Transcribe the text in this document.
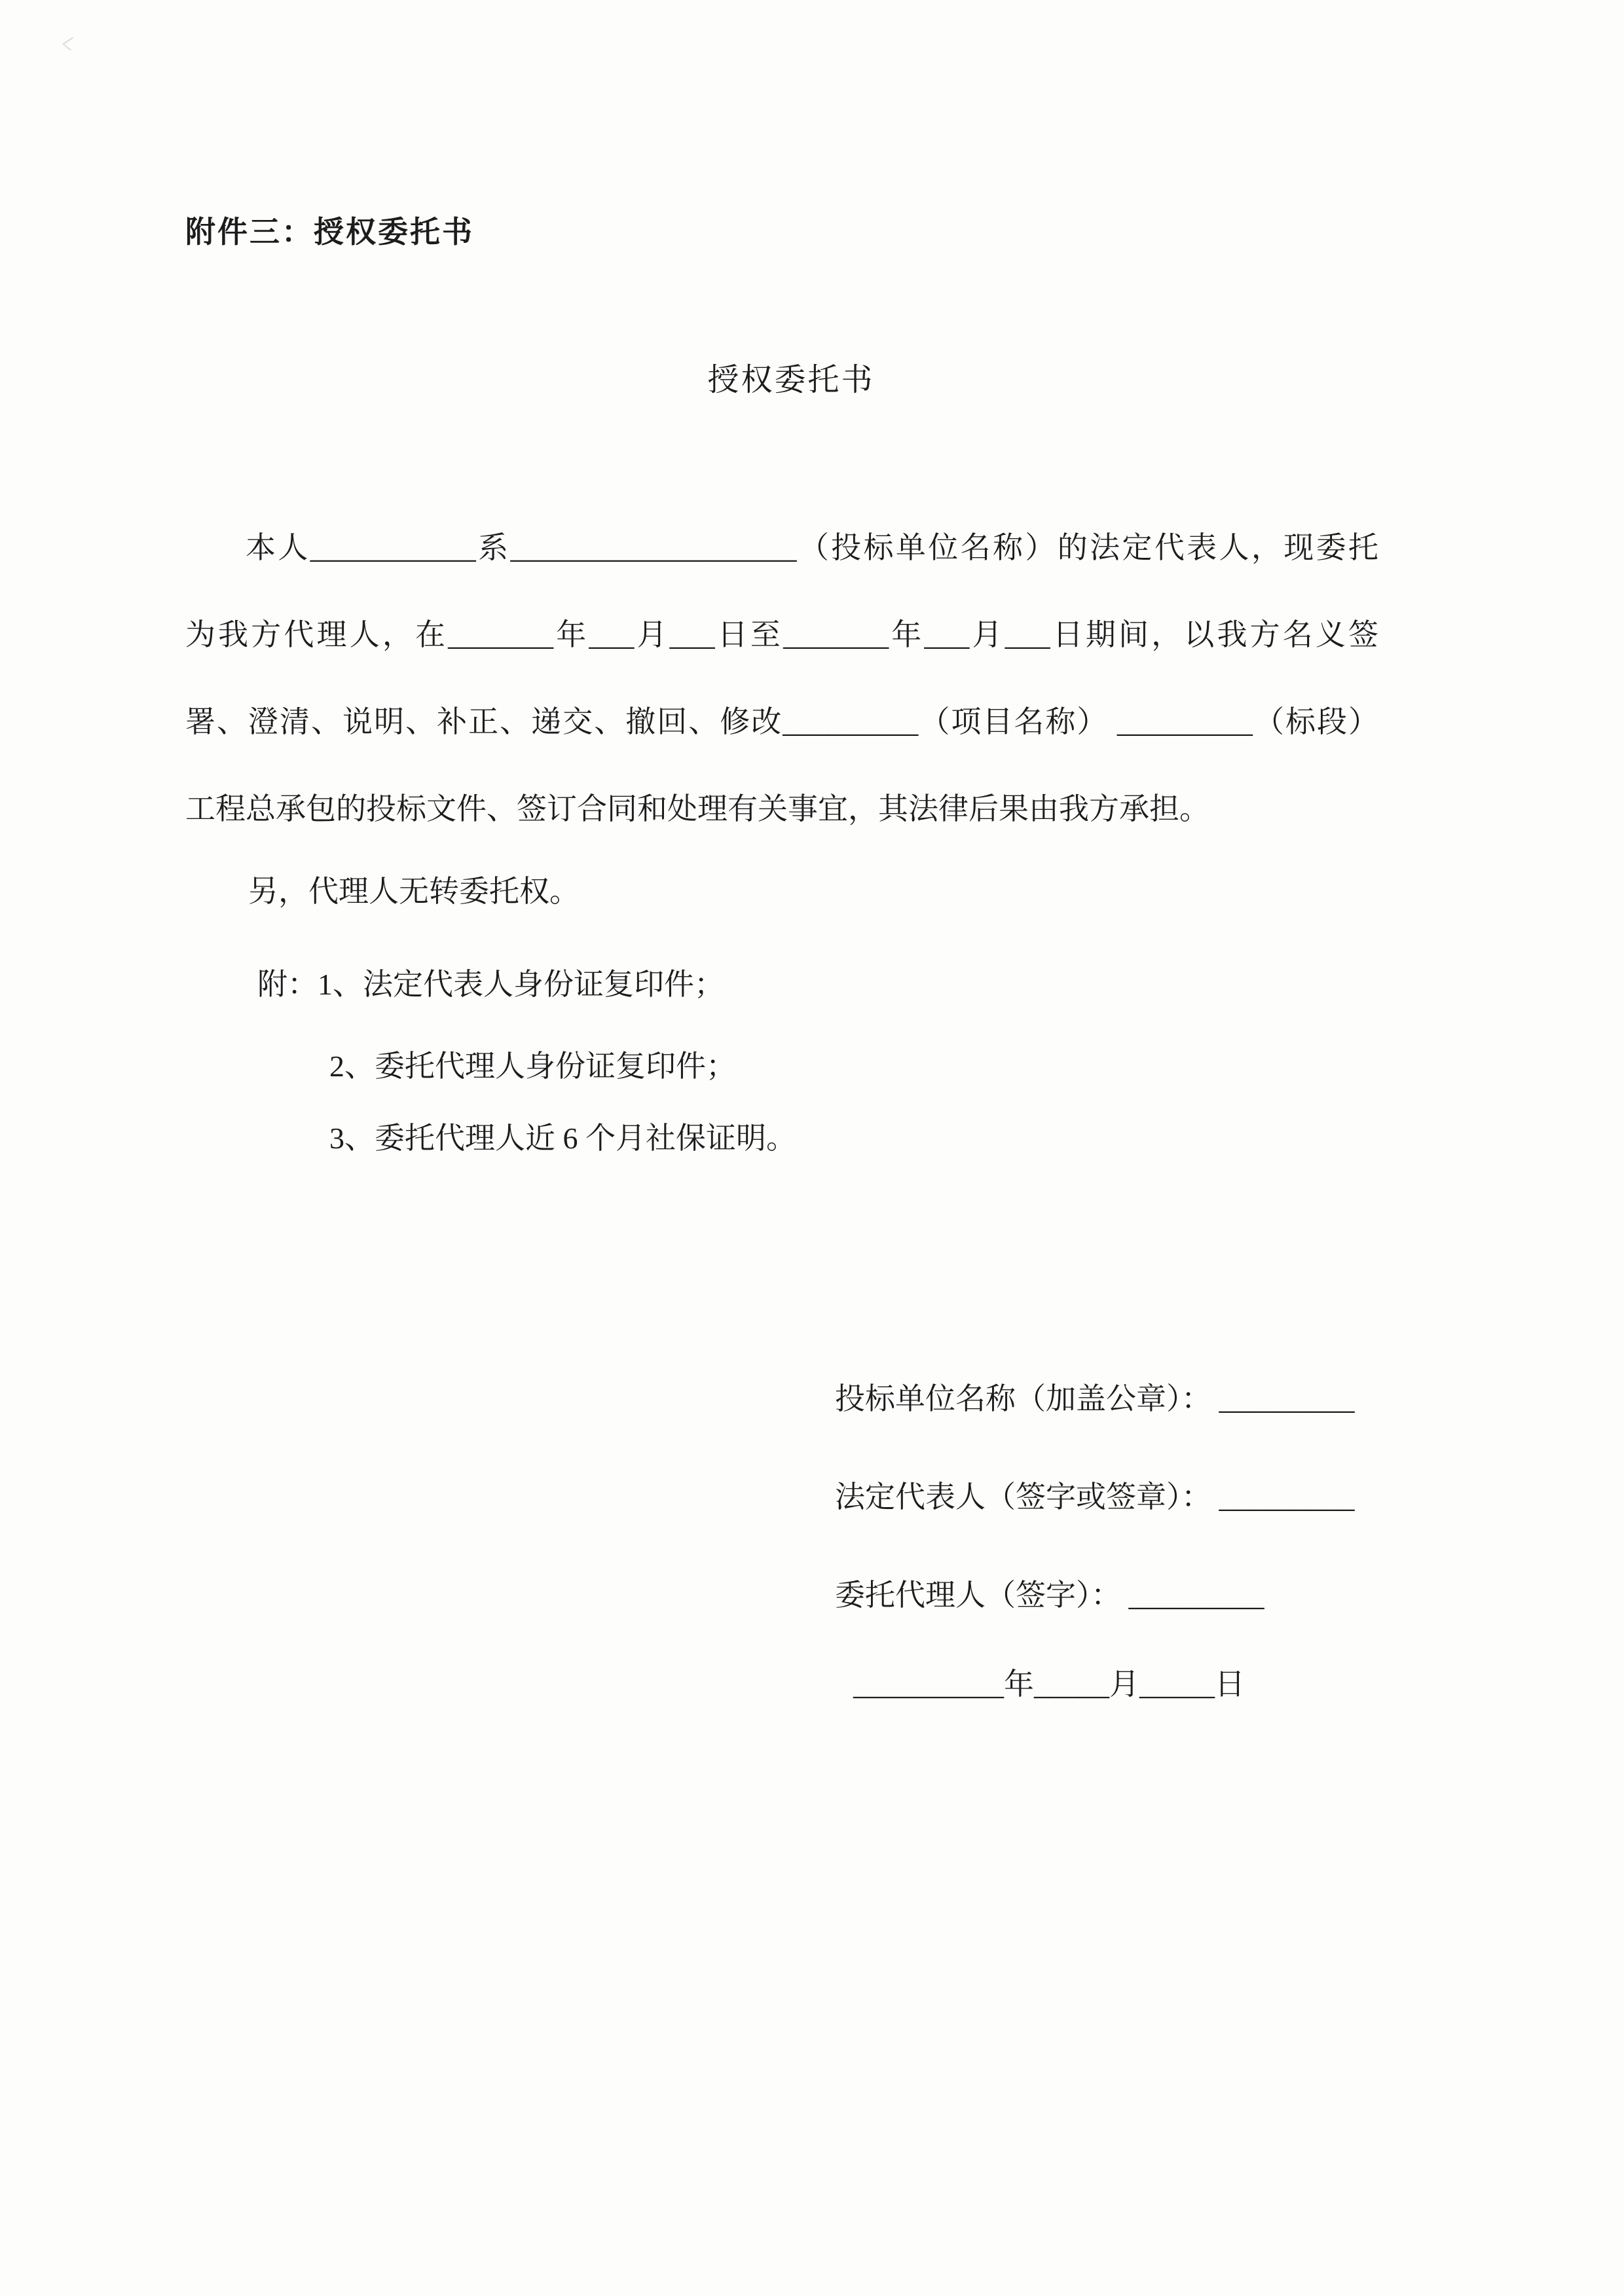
附件三：授权委托书
授权委托书
本人___________系___________________（投标单位名称）的法定代表人，现委托
为我方代理人，在_______年___月___日至_______年___月___日期间，以我方名义签
署、澄清、说明、补正、递交、撤回、修改_________（项目名称） _________（标段）
工程总承包的投标文件、签订合同和处理有关事宜，其法律后果由我方承担。
另，代理人无转委托权。
附：1、法定代表人身份证复印件；
2、委托代理人身份证复印件；
3、委托代理人近 6 个月社保证明。
投标单位名称（加盖公章）： _________
法定代表人（签字或签章）： _________
委托代理人（签字）： _________
__________年_____月_____日
